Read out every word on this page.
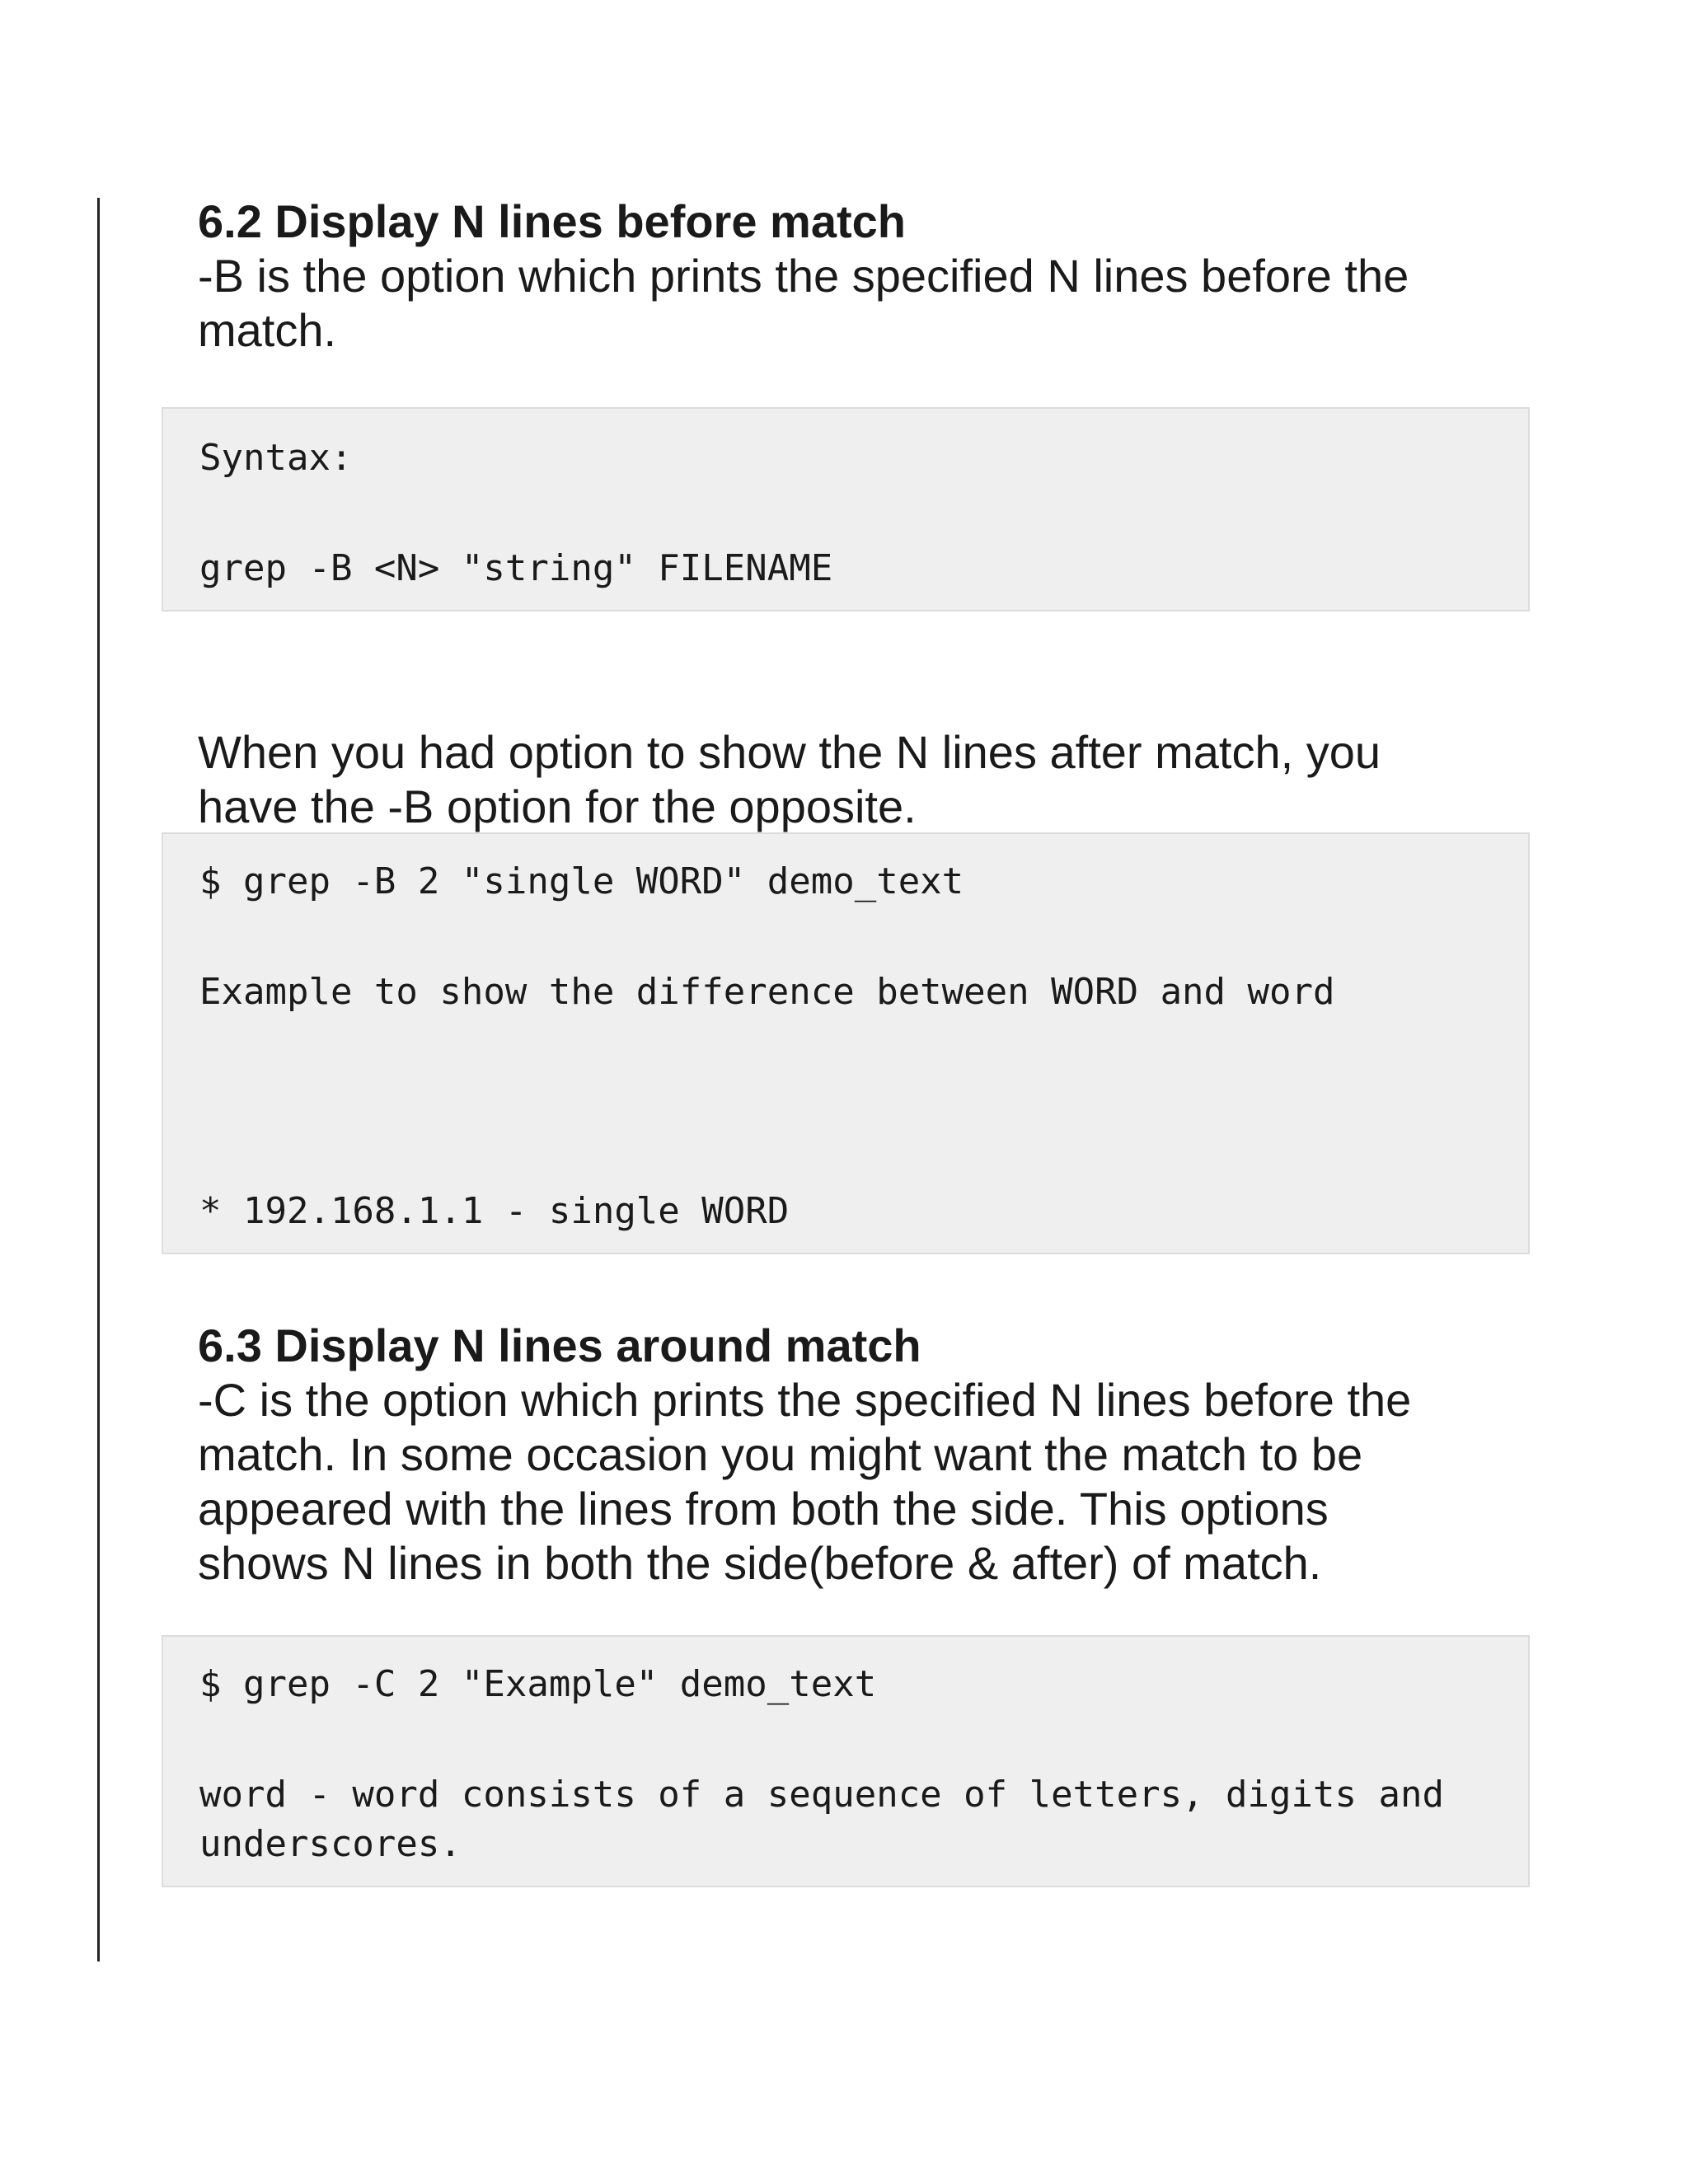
6.2 Display N lines before match

-B is the option which prints the specified N lines before the

match.

Syntax:
grep -B <N> "string" FILENAME

When you had option to show the N lines after match, you

have the -B option for the opposite.

$ grep -B 2 "single WORD" demo_text
Example to show the difference between WORD and word
* 192.168.1.1 - single WORD
6.3 Display N lines around match

-C is the option which prints the specified N lines before the

match. In some occasion you might want the match to be

appeared with the lines from both the side. This options

shows N lines in both the side(before & after) of match.

$ grep -C 2 "Example" demo_text
word - word consists of a sequence of letters, digits and
underscores.
